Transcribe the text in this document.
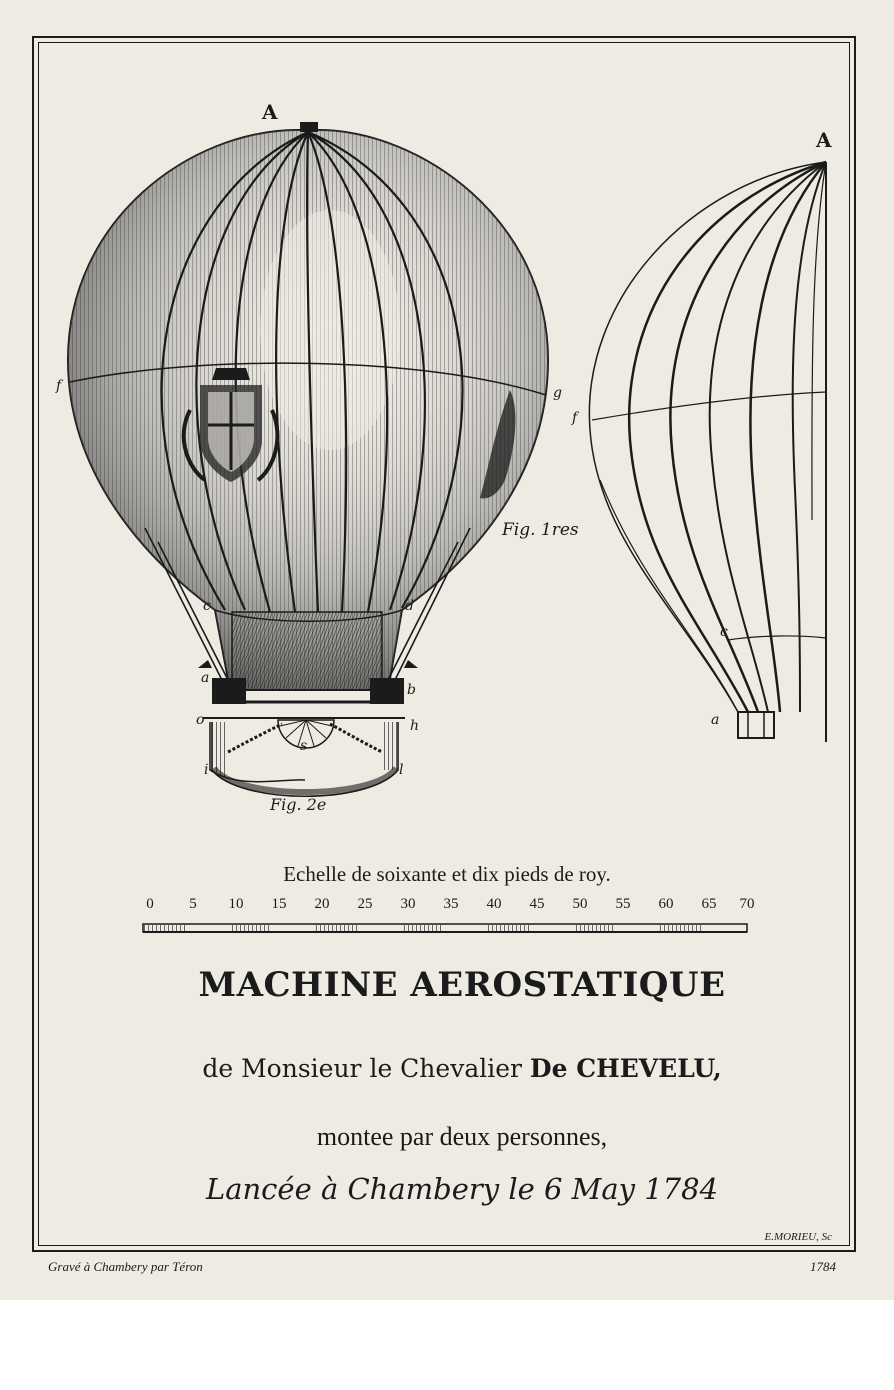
A
A
f	g
f
Fig. 1res
Fig. 2e
c	d
a
b
o	h
s
i	l
c
a
Echelle de soixante et dix pieds de roy.
0	5	10	15	20	25	30	35	40	45	50	55	60	65	70
MACHINE AEROSTATIQUE
de Monsieur le Chevalier De CHEVELU,
montee par deux personnes,
Lancée à Chambery le 6 May 1784
E.MORIEU, Sc
Gravé à Chambery par Téron	1784
